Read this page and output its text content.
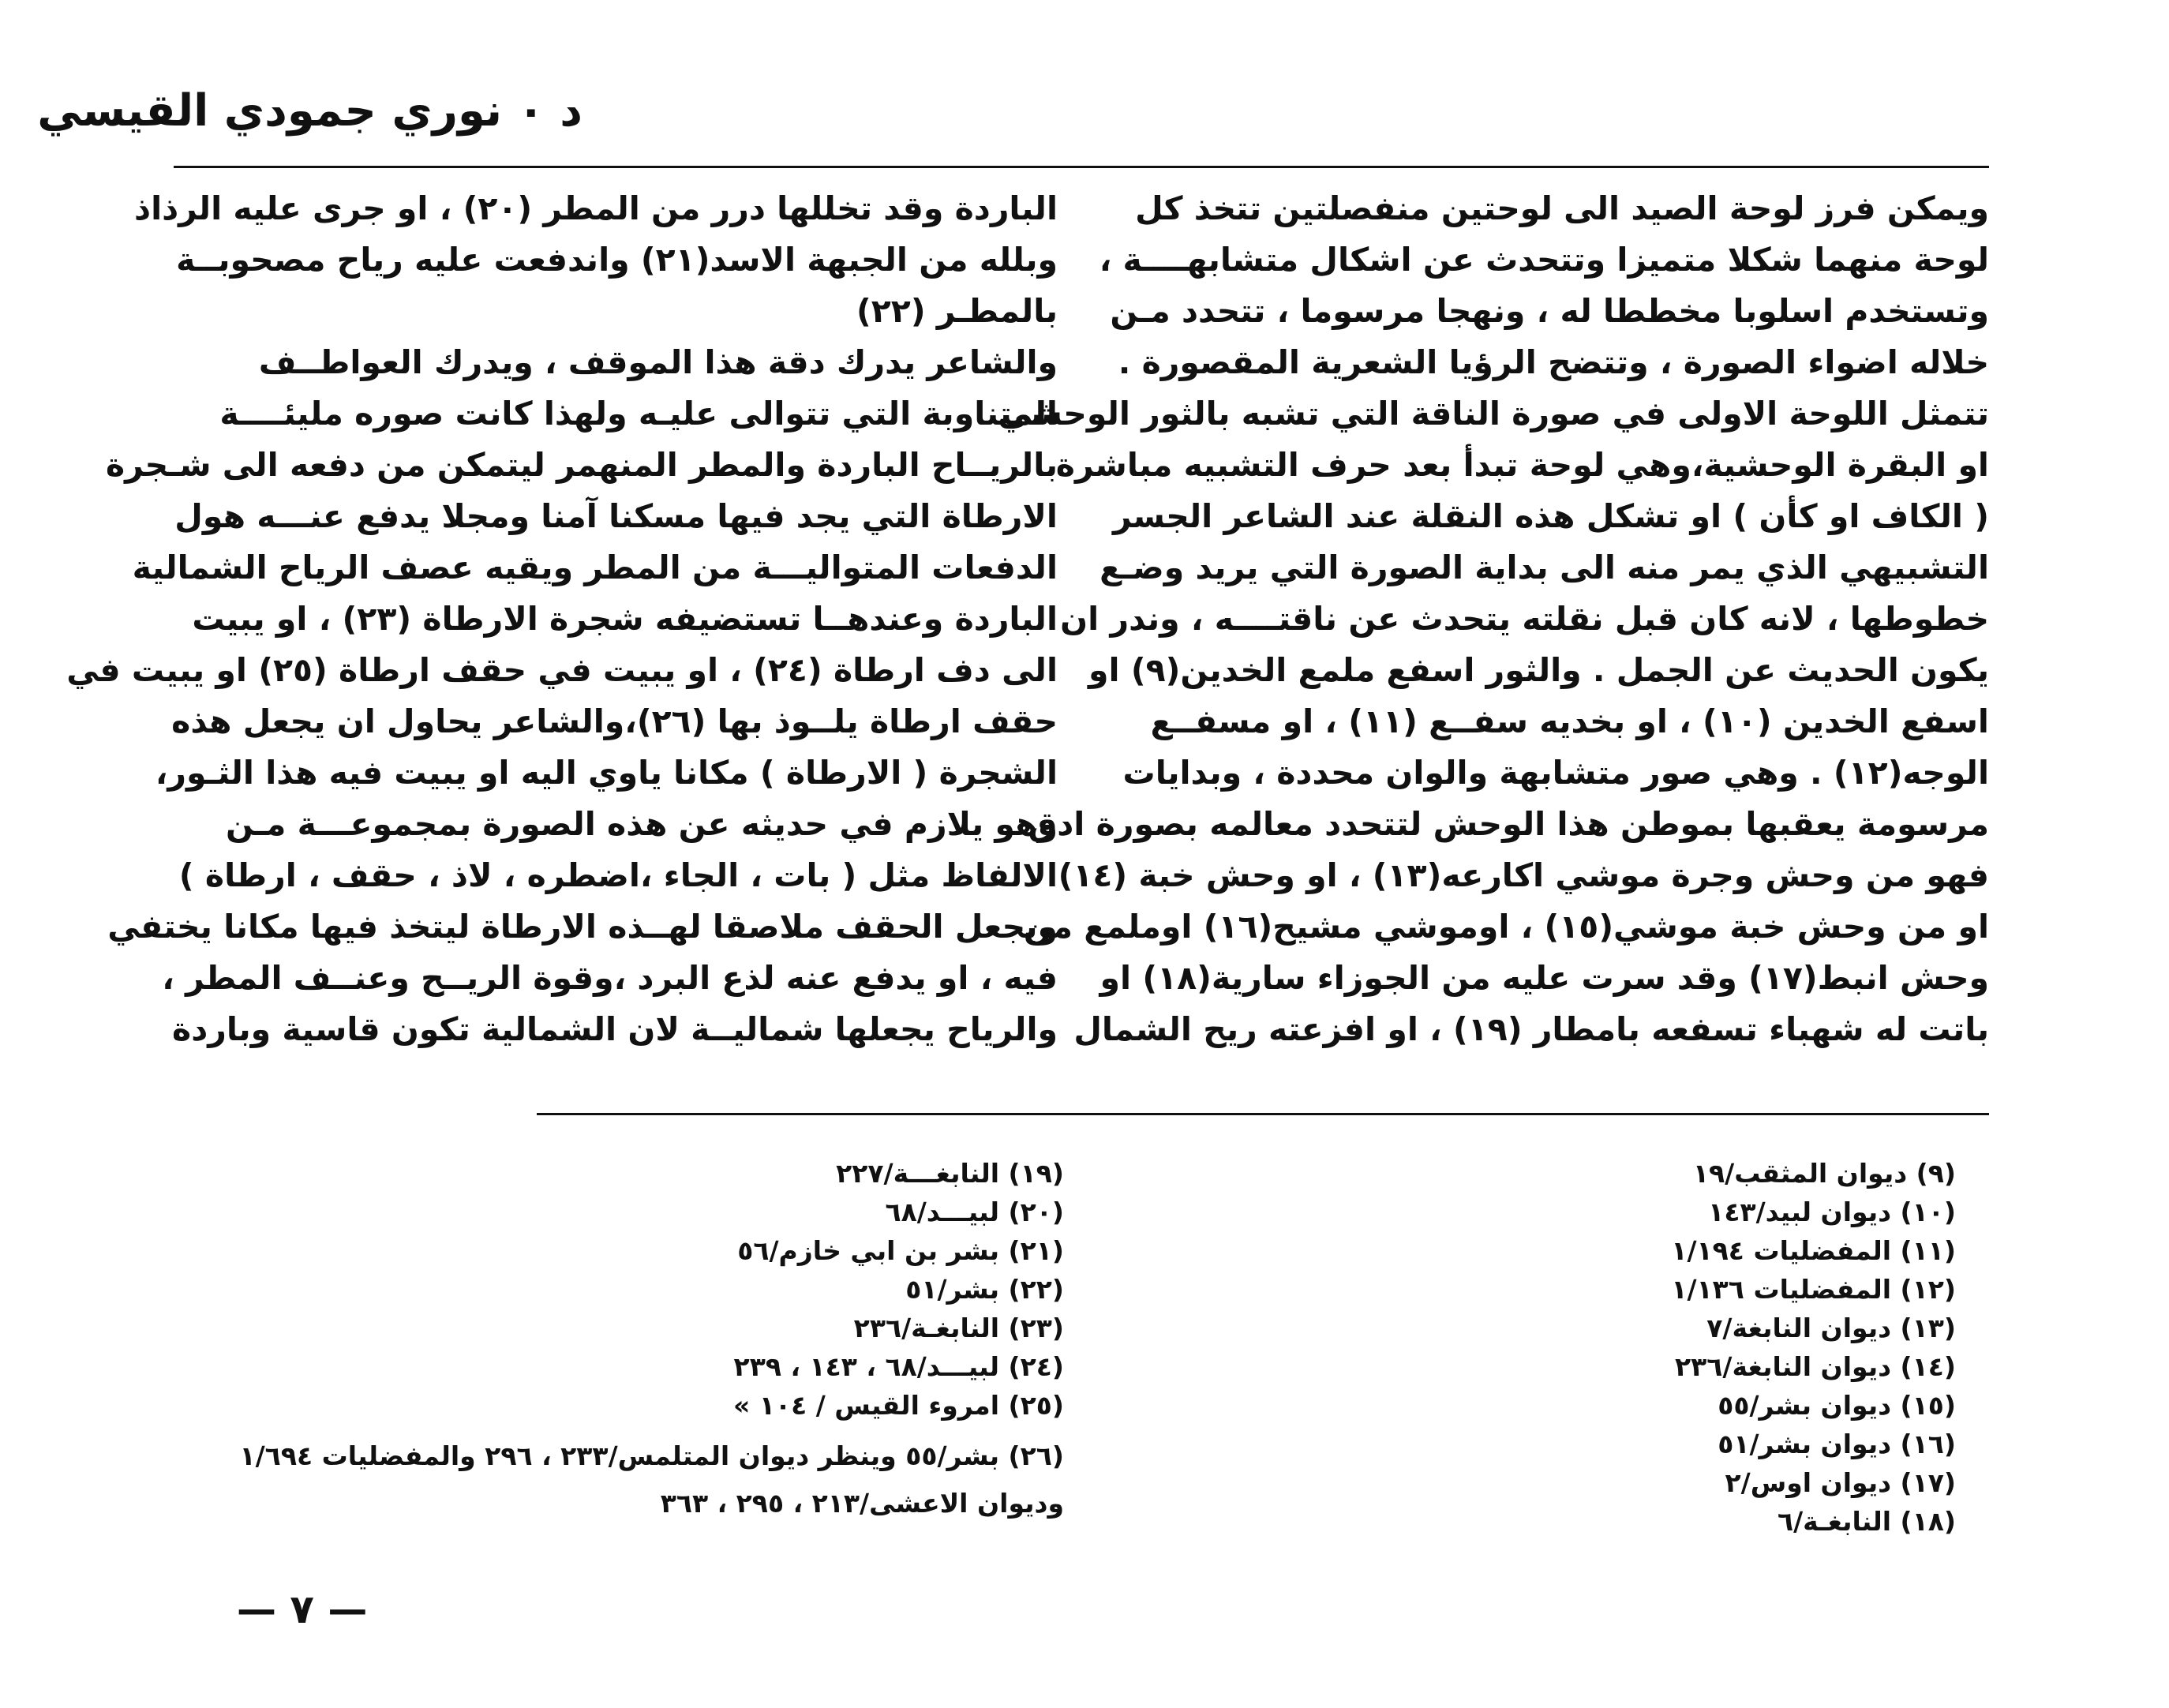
د ٠ نوري جمودي القيسي

ويمكن فرز لوحة الصيد الى لوحتين منفصلتين تتخذ كل

لوحة منهما شكلا متميزا وتتحدث عن اشكال متشابهــــة ،

وتستخدم اسلوبا مخططا له ، ونهجا مرسوما ، تتحدد مـن

خلاله اضواء الصورة ، وتتضح الرؤيا الشعرية المقصورة .

تتمثل اللوحة الاولى في صورة الناقة التي تشبه بالثور الوحشي

او البقرة الوحشية،وهي لوحة تبدأ بعد حرف التشبيه مباشرة

( الكاف او كأن ) او تشكل هذه النقلة عند الشاعر الجسر

التشبيهي الذي يمر منه الى بداية الصورة التي يريد وضـع

خطوطها ، لانه كان قبل نقلته يتحدث عن ناقتــــه ، وندر ان

يكون الحديث عن الجمل . والثور اسفع ملمع الخدين(٩) او

اسفع الخدين (١٠) ، او بخديه سفــع (١١) ، او مسفــع

الوجه(١٢) . وهي صور متشابهة والوان محددة ، وبدايات

مرسومة يعقبها بموطن هذا الوحش لتتحدد معالمه بصورة ادق

فهو من وحش وجرة موشي اكارعه(١٣) ، او وحش خبة (١٤)

او من وحش خبة موشي(١٥) ، اوموشي مشيح(١٦) اوملمع من

وحش انبط(١٧) وقد سرت عليه من الجوزاء سارية(١٨) او

باتت له شهباء تسفعه بامطار (١٩) ، او افزعته ريح الشمال

الباردة وقد تخللها درر من المطر (٢٠) ، او جرى عليه الرذاذ

وبلله من الجبهة الاسد(٢١) واندفعت عليه رياح مصحوبــة

بالمطـر (٢٢)

والشاعر يدرك دقة هذا الموقف ، ويدرك العواطــف

المتناوبة التي تتوالى عليـه ولهذا كانت صوره مليئــــة

بالريــاح الباردة والمطر المنهمر ليتمكن من دفعه الى شـجرة

الارطاة التي يجد فيها مسكنا آمنا ومجلا يدفع عنـــه هول

الدفعات المتواليـــة من المطر ويقيه عصف الرياح الشمالية

الباردة وعندهــا تستضيفه شجرة الارطاة (٢٣) ، او يبيت

الى دف ارطاة (٢٤) ، او يبيت في حقف ارطاة (٢٥) او يبيت في

حقف ارطاة يلــوذ بها (٢٦)،والشاعر يحاول ان يجعل هذه

الشجرة ( الارطاة ) مكانا ياوي اليه او يبيت فيه هذا الثـور،

وهو يلازم في حديثه عن هذه الصورة بمجموعـــة مـن

الالفاظ مثل ( بات ، الجاء ،اضطره ، لاذ ، حقف ، ارطاة )

ويجعل الحقف ملاصقا لهــذه الارطاة ليتخذ فيها مكانا يختفي

فيه ، او يدفع عنه لذع البرد ،وقوة الريــح وعنــف المطر ،

والرياح يجعلها شماليــة لان الشمالية تكون قاسية وباردة

(٩) ديوان المثقب/١٩

(١٠) ديوان لبيد/١٤٣

(١١) المفضليات ١/١٩٤

(١٢) المفضليات ١/١٣٦

(١٣) ديوان النابغة/٧

(١٤) ديوان النابغة/٢٣٦

(١٥) ديوان بشر/٥٥

(١٦) ديوان بشر/٥١

(١٧) ديوان اوس/٢

(١٨) النابغـة/٦

(١٩) النابغـــة/٢٢٧

(٢٠) لبيـــد/٦٨

(٢١) بشر بن ابي خازم/٥٦

(٢٢) بشر/٥١

(٢٣) النابغـة/٢٣٦

(٢٤) لبيـــد/٦٨ ، ١٤٣ ، ٢٣٩

(٢٥) امروء القيس / ١٠٤ »

(٢٦) بشر/٥٥ وينظر ديوان المتلمس/٢٣٣ ، ٢٩٦ والمفضليات ١/٦٩٤
وديوان الاعشى/٢١٣ ، ٢٩٥ ، ٣٦٣
— ٧ —
